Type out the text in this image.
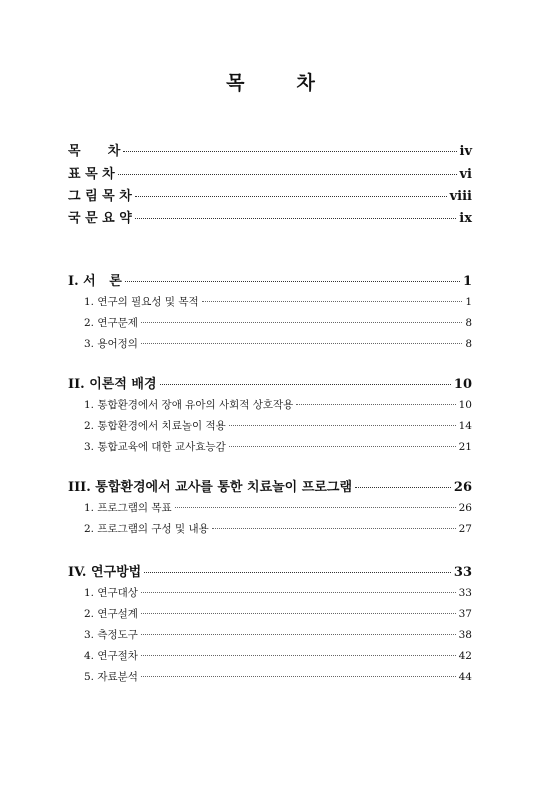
목	차
목      차	iv
표 목 차	vi
그 림 목 차	viii
국 문 요 약	ix
I. 서   론	1
1. 연구의 필요성 및 목적	1
2. 연구문제	8
3. 용어정의	8
II. 이론적 배경	10
1. 통합환경에서 장애 유아의 사회적 상호작용	10
2. 통합환경에서 치료놀이 적용	14
3. 통합교육에 대한 교사효능감	21
III. 통합환경에서 교사를 통한 치료놀이 프로그램	26
1. 프로그램의 목표	26
2. 프로그램의 구성 및 내용	27
IV. 연구방법	33
1. 연구대상	33
2. 연구설계	37
3. 측정도구	38
4. 연구절차	42
5. 자료분석	44
